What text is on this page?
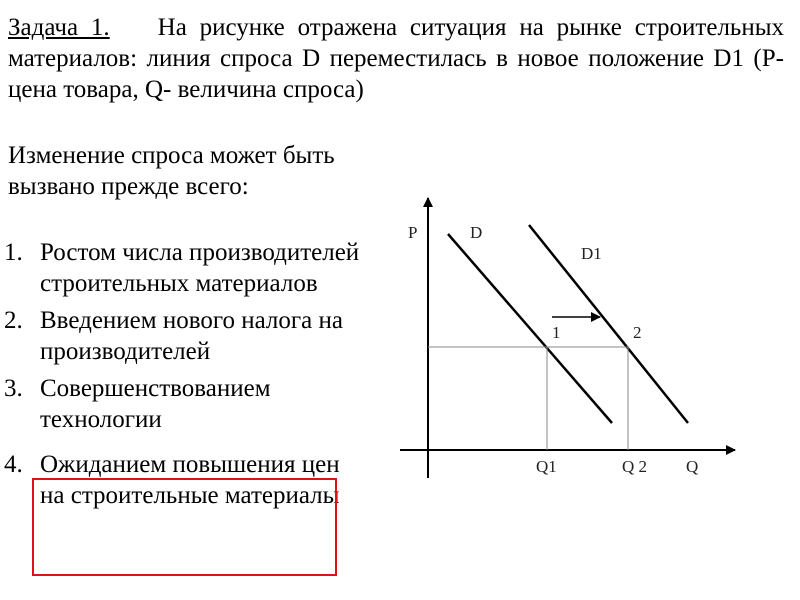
Задача 1. На рисунке отражена ситуация на рынке строительных материалов: линия спроса D переместилась в новое положение D1 (Р-цена товара, Q- величина спроса)

Изменение спроса может быть вызвано прежде всего:

1. Ростом числа производителей строительных материалов
2. Введением нового налога на производителей
3. Совершенствованием технологии
4. Ожиданием повышения цен на строительные материалы
P	D
D1
1	2
Q1	Q 2 Q
